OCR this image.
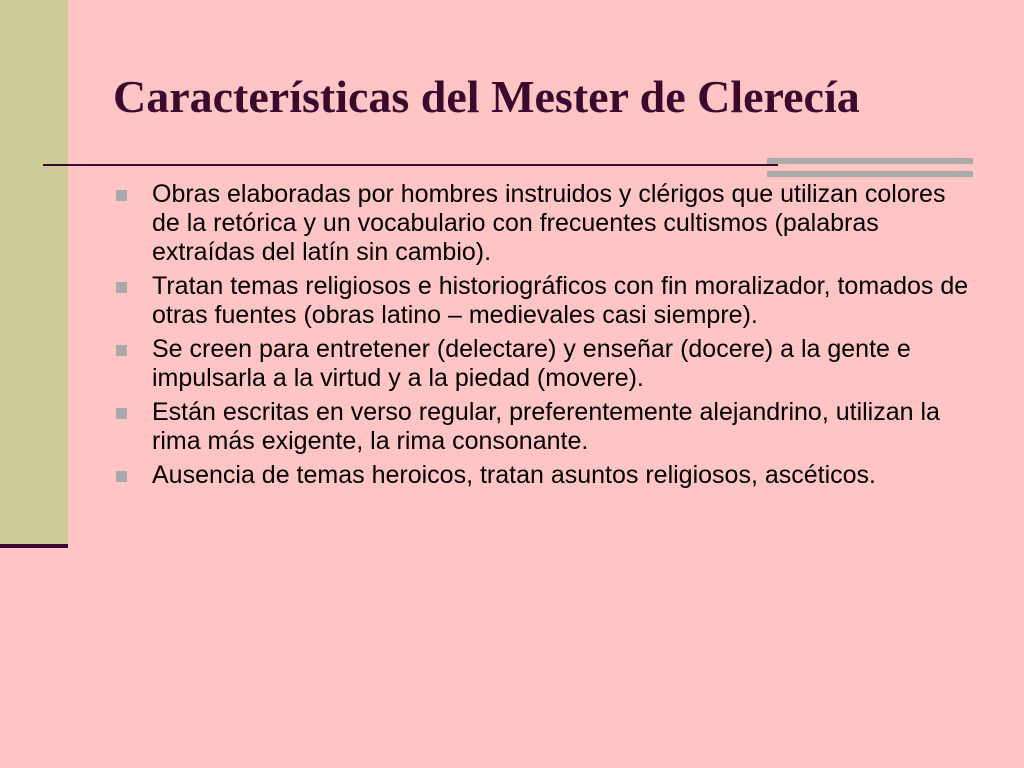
Características del Mester de Clerecía
Obras elaboradas por hombres instruidos y clérigos que utilizan colores de la retórica y un vocabulario con frecuentes cultismos (palabras extraídas del latín sin cambio).
Tratan temas religiosos e historiográficos con fin moralizador, tomados de otras fuentes (obras latino – medievales casi siempre).
Se creen para entretener (delectare) y enseñar (docere) a la gente e impulsarla a la virtud y a la piedad (movere).
Están escritas en verso regular, preferentemente alejandrino, utilizan la rima más exigente, la rima consonante.
Ausencia de temas heroicos, tratan asuntos religiosos, ascéticos.
